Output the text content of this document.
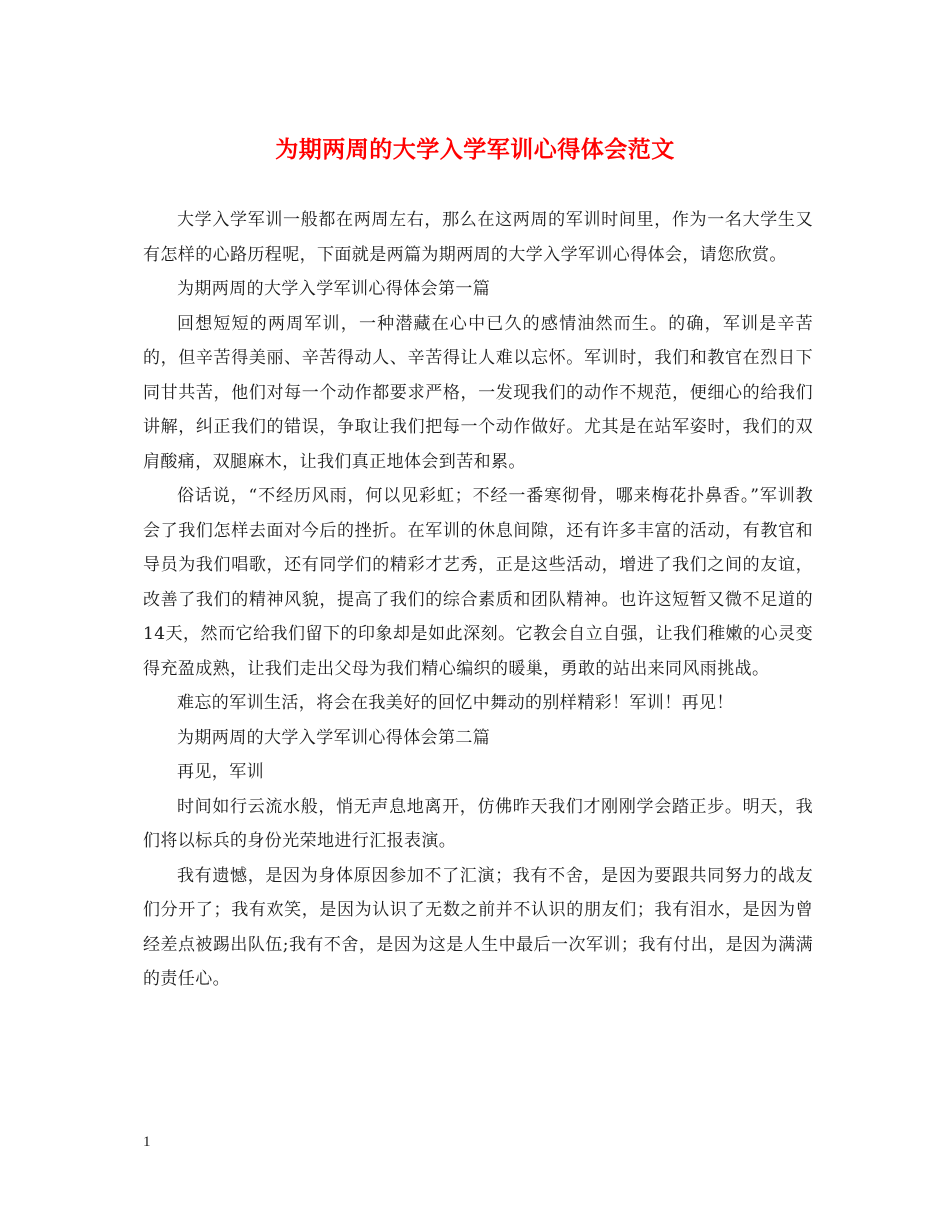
为期两周的大学入学军训心得体会范文

大学入学军训一般都在两周左右，那么在这两周的军训时间里，作为一名大学生又有怎样的心路历程呢，下面就是两篇为期两周的大学入学军训心得体会，请您欣赏。

为期两周的大学入学军训心得体会第一篇

回想短短的两周军训，一种潜藏在心中已久的感情油然而生。的确，军训是辛苦的，但辛苦得美丽、辛苦得动人、辛苦得让人难以忘怀。军训时，我们和教官在烈日下同甘共苦，他们对每一个动作都要求严格，一发现我们的动作不规范，便细心的给我们讲解，纠正我们的错误，争取让我们把每一个动作做好。尤其是在站军姿时，我们的双肩酸痛，双腿麻木，让我们真正地体会到苦和累。

俗话说，“不经历风雨，何以见彩虹；不经一番寒彻骨，哪来梅花扑鼻香。”军训教会了我们怎样去面对今后的挫折。在军训的休息间隙，还有许多丰富的活动，有教官和导员为我们唱歌，还有同学们的精彩才艺秀，正是这些活动，增进了我们之间的友谊，改善了我们的精神风貌，提高了我们的综合素质和团队精神。也许这短暂又微不足道的14天，然而它给我们留下的印象却是如此深刻。它教会自立自强，让我们稚嫩的心灵变得充盈成熟，让我们走出父母为我们精心编织的暖巢，勇敢的站出来同风雨挑战。

难忘的军训生活，将会在我美好的回忆中舞动的别样精彩！军训！再见！

为期两周的大学入学军训心得体会第二篇

再见，军训

时间如行云流水般，悄无声息地离开，仿佛昨天我们才刚刚学会踏正步。明天，我们将以标兵的身份光荣地进行汇报表演。

我有遗憾，是因为身体原因参加不了汇演；我有不舍，是因为要跟共同努力的战友们分开了；我有欢笑，是因为认识了无数之前并不认识的朋友们；我有泪水，是因为曾经差点被踢出队伍;我有不舍，是因为这是人生中最后一次军训；我有付出，是因为满满的责任心。

1
